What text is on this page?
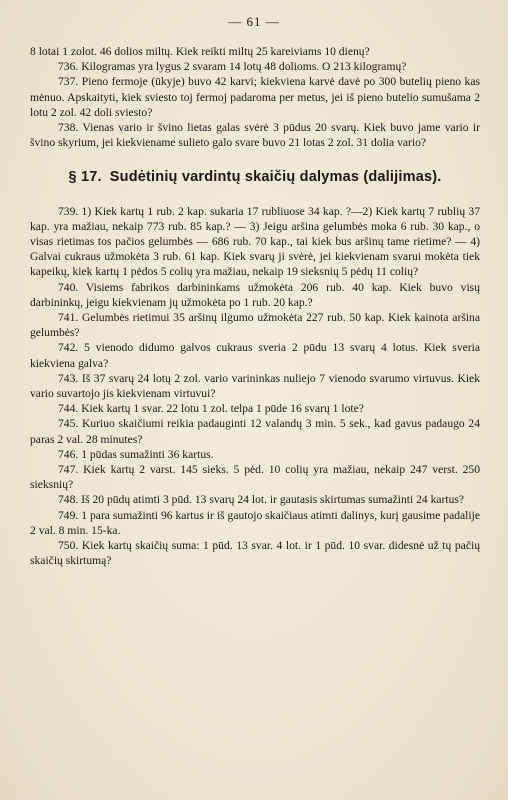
— 61 —

8 lotai 1 zolot. 46 dolios miltų. Kiek reikti miltų 25 kareiviams 10 dienų?

736. Kilogramas yra lygus 2 svaram 14 lotų 48 dolioms. O 213 kilogramų?

737. Pieno fermoje (ūkyje) buvo 42 karvi; kiekviena karvė davė po 300 butelių pieno kas mėnuo. Apskaityti, kiek sviesto toj fermoj padaroma per metus, jei iš pieno butelio sumušama 2 lotu 2 zol. 42 doli sviesto?

738. Vienas vario ir švino lietas galas svėrė 3 pūdus 20 svarų. Kiek buvo jame vario ir švino skyrium, jei kiekviename sulieto galo svare buvo 21 lotas 2 zol. 31 dolia vario?

§ 17. Sudėtinių vardintų skaičių dalymas (dalijimas).

739. 1) Kiek kartų 1 rub. 2 kap. sukaria 17 rubliuose 34 kap. ?—2) Kiek kartų 7 rublių 37 kap. yra mažiau, nekaip 773 rub. 85 kap.? — 3) Jeigu aršina gelumbės moka 6 rub. 30 kap., o visas rietimas tos pačios gelumbės — 686 rub. 70 kap., tai kiek bus aršinų tame rietime? — 4) Galvai cukraus užmokėta 3 rub. 61 kap. Kiek svarų ji svėrė, jei kiekvienam svarui mokėta tiek kapeikų, kiek kartų 1 pėdos 5 colių yra mažiau, nekaip 19 sieksnių 5 pėdų 11 colių?

740. Visiems fabrikos darbininkams užmokėta 206 rub. 40 kap. Kiek buvo visų darbininkų, jeigu kiekvienam jų užmokėta po 1 rub. 20 kap.?

741. Gelumbės rietimui 35 aršinų ilgumo užmokėta 227 rub. 50 kap. Kiek kainota aršina gelumbės?

742. 5 vienodo didumo galvos cukraus sveria 2 pūdu 13 svarų 4 lotus. Kiek sveria kiekviena galva?

743. Iš 37 svarų 24 lotų 2 zol. vario varininkas nuliejo 7 vienodo svarumo virtuvus. Kiek vario suvartojo jis kiekvienam virtuvui?

744. Kiek kartų 1 svar. 22 lotu 1 zol. telpa 1 pūde 16 svarų 1 lote?

745. Kuriuo skaičiumi reikia padauginti 12 valandų 3 min. 5 sek., kad gavus padaugo 24 paras 2 val. 28 minutes?

746. 1 pūdas sumažinti 36 kartus.

747. Kiek kartų 2 varst. 145 sieks. 5 pėd. 10 colių yra mažiau, nekaip 247 verst. 250 sieksnių?

748. Iš 20 pūdų atimti 3 pūd. 13 svarų 24 lot. ir gautasis skirtumas sumažinti 24 kartus?

749. 1 para sumažinti 96 kartus ir iš gautojo skaičiaus atimti dalinys, kurį gausime padalije 2 val. 8 min. 15-ka.

750. Kiek kartų skaičių suma: 1 pūd. 13 svar. 4 lot. ir 1 pūd. 10 svar. didesnė už tų pačių skaičių skirtumą?
